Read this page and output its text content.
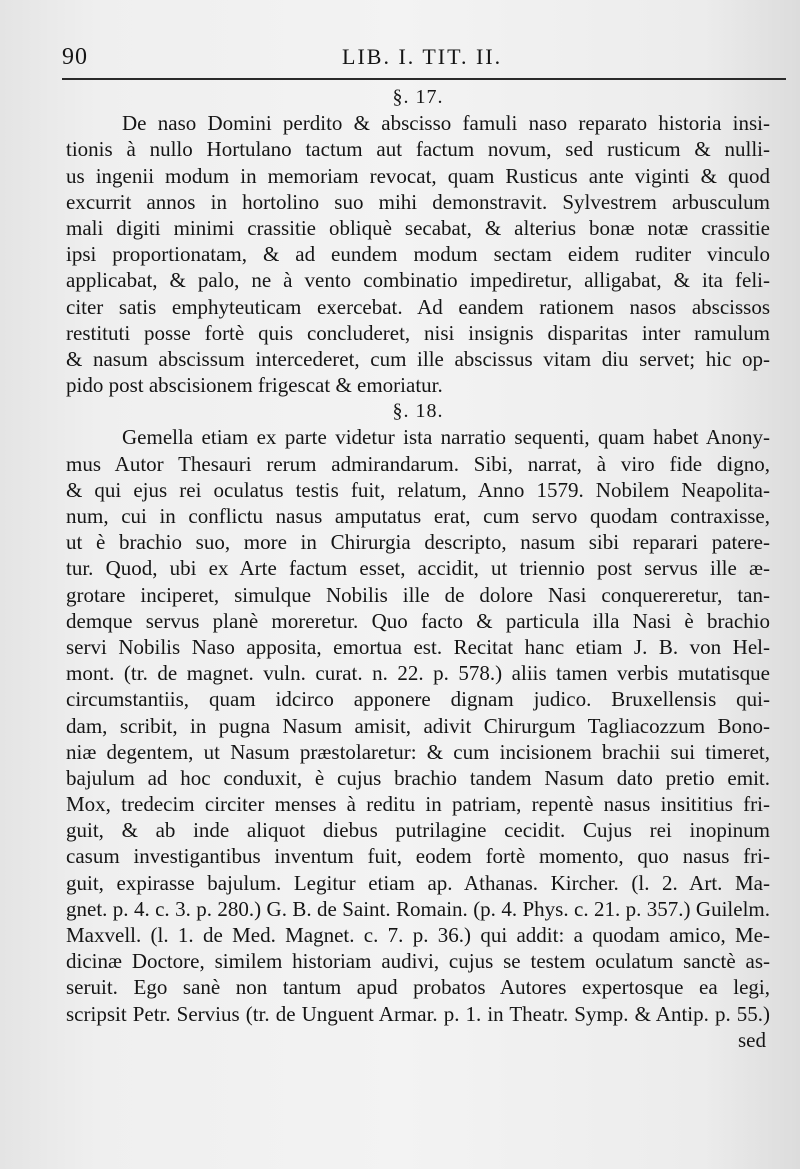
90	LIB. I. TIT. II.
§. 17.
De naso Domini perdito & abscisso famuli naso reparato historia insi-
tionis à nullo Hortulano tactum aut factum novum, sed rusticum & nulli-
us ingenii modum in memoriam revocat, quam Rusticus ante viginti & quod
excurrit annos in hortolino suo mihi demonstravit. Sylvestrem arbusculum
mali digiti minimi crassitie obliquè secabat, & alterius bonæ notæ crassitie
ipsi proportionatam, & ad eundem modum sectam eidem ruditer vinculo
applicabat, & palo, ne à vento combinatio impediretur, alligabat, & ita feli-
citer satis emphyteuticam exercebat. Ad eandem rationem nasos abscissos
restituti posse fortè quis concluderet, nisi insignis disparitas inter ramulum
& nasum abscissum intercederet, cum ille abscissus vitam diu servet; hic op-
pido post abscisionem frigescat & emoriatur.
§. 18.
Gemella etiam ex parte videtur ista narratio sequenti, quam habet Anony-
mus Autor Thesauri rerum admirandarum. Sibi, narrat, à viro fide digno,
& qui ejus rei oculatus testis fuit, relatum, Anno 1579. Nobilem Neapolita-
num, cui in conflictu nasus amputatus erat, cum servo quodam contraxisse,
ut è brachio suo, more in Chirurgia descripto, nasum sibi reparari patere-
tur. Quod, ubi ex Arte factum esset, accidit, ut triennio post servus ille æ-
grotare inciperet, simulque Nobilis ille de dolore Nasi conquereretur, tan-
demque servus planè moreretur. Quo facto & particula illa Nasi è brachio
servi Nobilis Naso apposita, emortua est. Recitat hanc etiam J. B. von Hel-
mont. (tr. de magnet. vuln. curat. n. 22. p. 578.) aliis tamen verbis mutatisque
circumstantiis, quam idcirco apponere dignam judico. Bruxellensis qui-
dam, scribit, in pugna Nasum amisit, adivit Chirurgum Tagliacozzum Bono-
niæ degentem, ut Nasum præstolaretur: & cum incisionem brachii sui timeret,
bajulum ad hoc conduxit, è cujus brachio tandem Nasum dato pretio emit.
Mox, tredecim circiter menses à reditu in patriam, repentè nasus insititius fri-
guit, & ab inde aliquot diebus putrilagine cecidit. Cujus rei inopinum
casum investigantibus inventum fuit, eodem fortè momento, quo nasus fri-
guit, expirasse bajulum. Legitur etiam ap. Athanas. Kircher. (l. 2. Art. Ma-
gnet. p. 4. c. 3. p. 280.) G. B. de Saint. Romain. (p. 4. Phys. c. 21. p. 357.) Guilelm.
Maxvell. (l. 1. de Med. Magnet. c. 7. p. 36.) qui addit: a quodam amico, Me-
dicinæ Doctore, similem historiam audivi, cujus se testem oculatum sanctè as-
seruit. Ego sanè non tantum apud probatos Autores expertosque ea legi,
scripsit Petr. Servius (tr. de Unguent Armar. p. 1. in Theatr. Symp. & Antip. p. 55.)
sed
